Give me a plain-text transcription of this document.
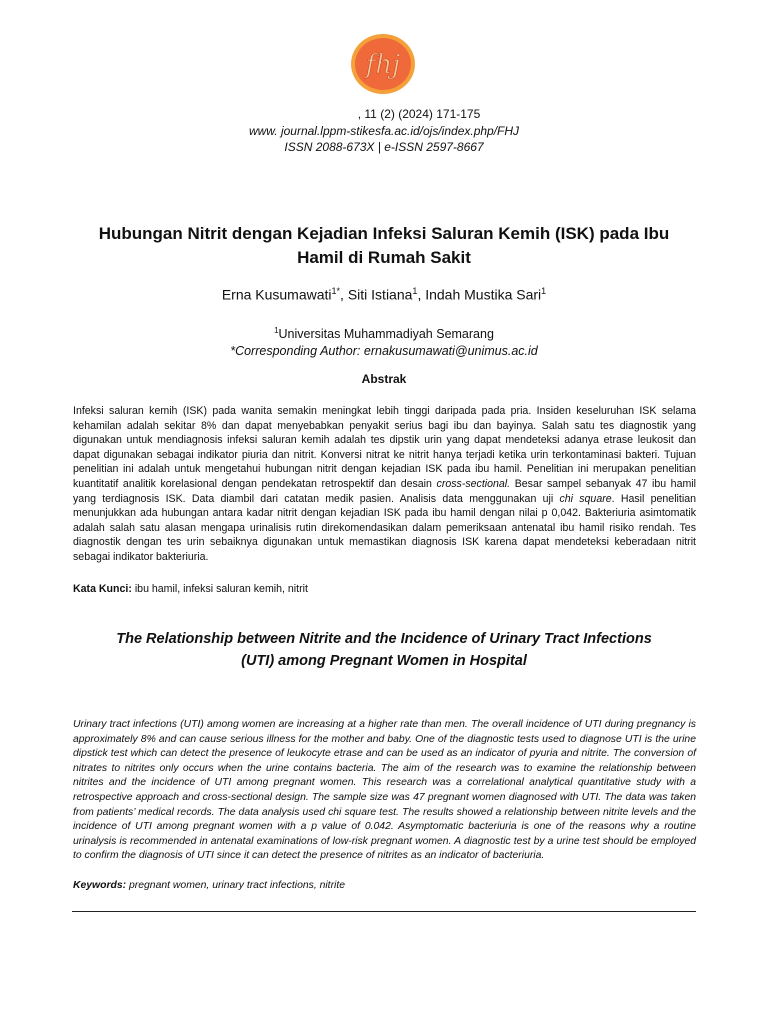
fhj
, 11 (2) (2024) 171-175
www. journal.lppm-stikesfa.ac.id/ojs/index.php/FHJ
ISSN 2088-673X | e-ISSN 2597-8667
Hubungan Nitrit dengan Kejadian Infeksi Saluran Kemih (ISK) pada Ibu
Hamil di Rumah Sakit
Erna Kusumawati$^{1*}$, Siti Istiana$^1$, Indah Mustika Sari$^1$
$^1$Universitas Muhammadiyah Semarang
*Corresponding Author: ernakusumawati@unimus.ac.id
Abstrak
Infeksi saluran kemih (ISK) pada wanita semakin meningkat lebih tinggi daripada pada pria. Insiden keseluruhan ISK selama kehamilan adalah sekitar 8% dan dapat menyebabkan penyakit serius bagi ibu dan bayinya. Salah satu tes diagnostik yang digunakan untuk mendiagnosis infeksi saluran kemih adalah tes dipstik urin yang dapat mendeteksi adanya etrase leukosit dan dapat digunakan sebagai indikator piuria dan nitrit. Konversi nitrat ke nitrit hanya terjadi ketika urin terkontaminasi bakteri. Tujuan penelitian ini adalah untuk mengetahui hubungan nitrit dengan kejadian ISK pada ibu hamil. Penelitian ini merupakan penelitian kuantitatif analitik korelasional dengan pendekatan retrospektif dan desain cross-sectional. Besar sampel sebanyak 47 ibu hamil yang terdiagnosis ISK. Data diambil dari catatan medik pasien. Analisis data menggunakan uji chi square. Hasil penelitian menunjukkan ada hubungan antara kadar nitrit dengan kejadian ISK pada ibu hamil dengan nilai p 0,042. Bakteriuria asimtomatik adalah salah satu alasan mengapa urinalisis rutin direkomendasikan dalam pemeriksaan antenatal ibu hamil risiko rendah. Tes diagnostik dengan tes urin sebaiknya digunakan untuk memastikan diagnosis ISK karena dapat mendeteksi keberadaan nitrit sebagai indikator bakteriuria.
Kata Kunci: ibu hamil, infeksi saluran kemih, nitrit
The Relationship between Nitrite and the Incidence of Urinary Tract Infections
(UTI) among Pregnant Women in Hospital
Urinary tract infections (UTI) among women are increasing at a higher rate than men. The overall incidence of UTI during pregnancy is approximately 8% and can cause serious illness for the mother and baby. One of the diagnostic tests used to diagnose UTI is the urine dipstick test which can detect the presence of leukocyte etrase and can be used as an indicator of pyuria and nitrite. The conversion of nitrates to nitrites only occurs when the urine contains bacteria. The aim of the research was to examine the relationship between nitrites and the incidence of UTI among pregnant women. This research was a correlational analytical quantitative study with a retrospective approach and cross-sectional design. The sample size was 47 pregnant women diagnosed with UTI. The data was taken from patients’ medical records. The data analysis used chi square test. The results showed a relationship between nitrite levels and the incidence of UTI among pregnant women with a p value of 0.042. Asymptomatic bacteriuria is one of the reasons why a routine urinalysis is recommended in antenatal examinations of low-risk pregnant women. A diagnostic test by a urine test should be employed to confirm the diagnosis of UTI since it can detect the presence of nitrites as an indicator of bacteriuria.
Keywords: pregnant women, urinary tract infections, nitrite
